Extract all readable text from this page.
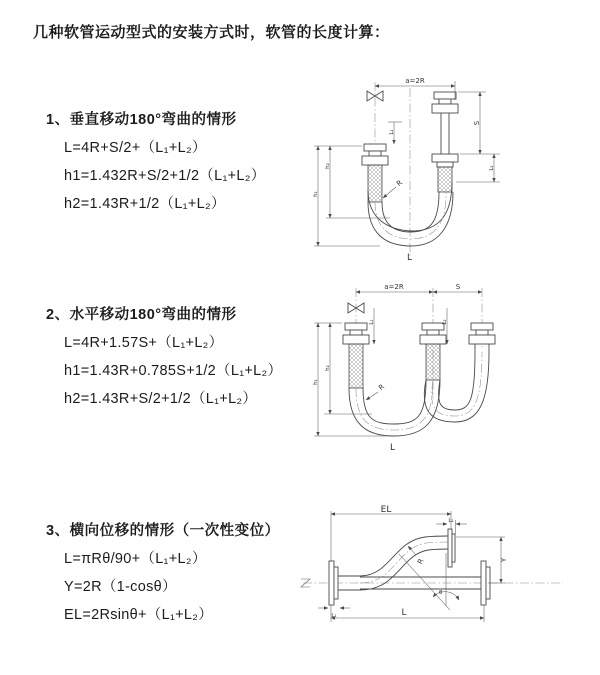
几种软管运动型式的安装方式时，软管的长度计算：
1、垂直移动180°弯曲的情形
L=4R+S/2+（L₁+L₂）
h1=1.432R+S/2+1/2（L₁+L₂）
h2=1.43R+1/2（L₁+L₂）
2、水平移动180°弯曲的情形
L=4R+1.57S+（L₁+L₂）
h1=1.43R+0.785S+1/2（L₁+L₂）
h2=1.43R+S/2+1/2（L₁+L₂）
3、横向位移的情形（一次性变位）
L=πRθ/90+（L₁+L₂）
Y=2R（1-cosθ）
EL=2Rsinθ+（L₁+L₂）
a=2R
S
L₂
L₁
h₁
h₂
R
L
a=2R	S
h₁
h₂
L₁	L₂
R
L
θ
EL
L₂
Y
L₁	L
R
